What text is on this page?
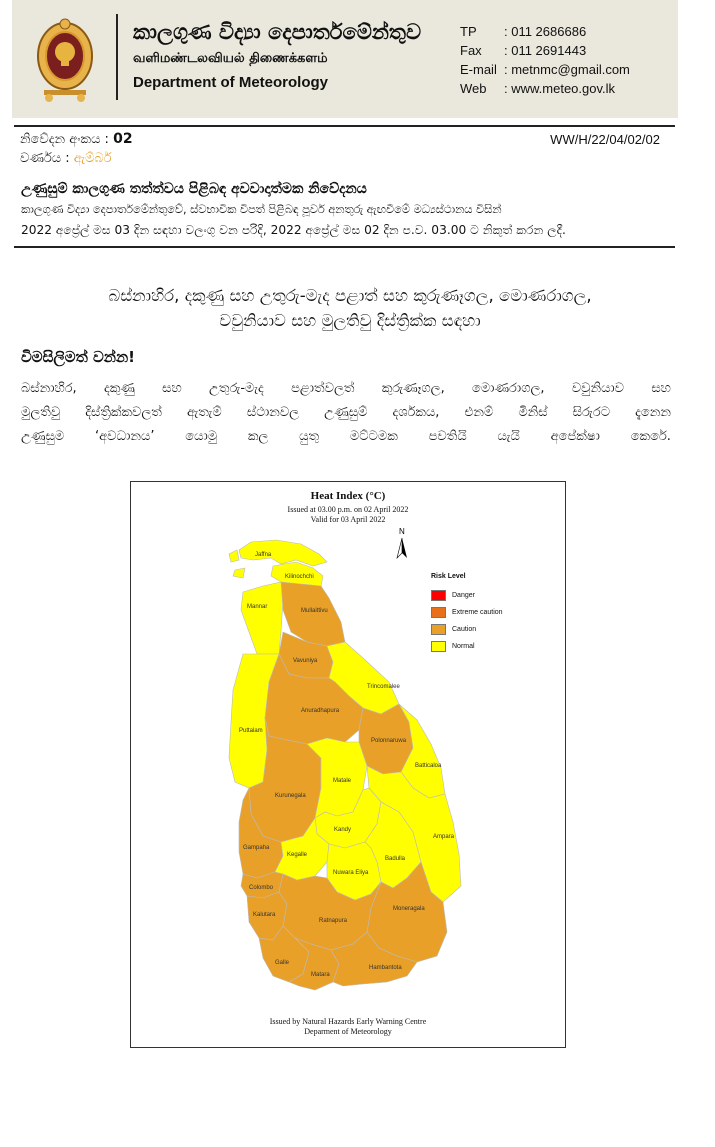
කාලගුණ විද්‍යා දෙපාර්තමේන්තුව
வளிமண்டலவியல் திணைக்களம்
Department of Meteorology
TP	: 011 2686686
Fax	: 011 2691443
E-mail : metnmc@gmail.com
Web	: www.meteo.gov.lk
නිවේදන අංකය : 02	WW/H/22/04/02/02
වර්ණය : ඇම්බර්
උණුසුම් කාලගුණ තත්ත්වය පිළිබඳ අවවාදාත්මක නිවේදනය
කාලගුණ විද්‍යා දෙපාර්තමේන්තුවේ, ස්වභාවික විපත් පිළිබඳ පූර්ව අනතුරු ඇඟවීමේ මධ්‍යස්ථානය විසින්
2022 අප්‍රේල් මස 03 දින සඳහා වලංගු වන පරිදි, 2022 අප්‍රේල් මස 02 දින ප.ව. 03.00 ට නිකුත් කරන ලදී.
බස්නාහිර, දකුණු සහ උතුරු-මැද පළාත් සහ කුරුණෑගල, මොණරාගල,
වවුනියාව සහ මුලතිවු දිස්ත්‍රික්ක සඳහා
විමසිලිමත් වන්න!
බස්නාහිර, දකුණු සහ උතුරු-මැද පළාත්වලත් කුරුණෑගල, මොණරාගල, වවුනියාව සහ
මුලතිවු දිස්ත්‍රික්කවලත් ඇතැම් ස්ථානවල උණුසුම් දර්ශකය, එනම් මිනිස් සිරුරට දැනෙන
උණුසුම ‘අවධානය’ යොමු කල යුතු මට්ටමක පවතියි යැයි අපේක්ෂා කෙරේ.
Heat Index (°C)
Issued at 03.00 p.m. on 02 April 2022
Valid for 03 April 2022
Jaffna
Kilinochchi
Mullaittivu
Mannar
Vavuniya
Trincomalee
Anuradhapura
Puttalam
Polonnaruwa
Batticaloa
Kurunegala
Matale
Kandy
Ampara
Gampaha
Kegalle
Badulla
Nuwara Eliya
Colombo
Moneragala
Kalutara
Ratnapura
Hambantota
Galle
Matara
N
Risk Level
Danger
Extreme caution
Caution
Normal
Issued by Natural Hazards Early Warning Centre
Deparment of Meteorology
